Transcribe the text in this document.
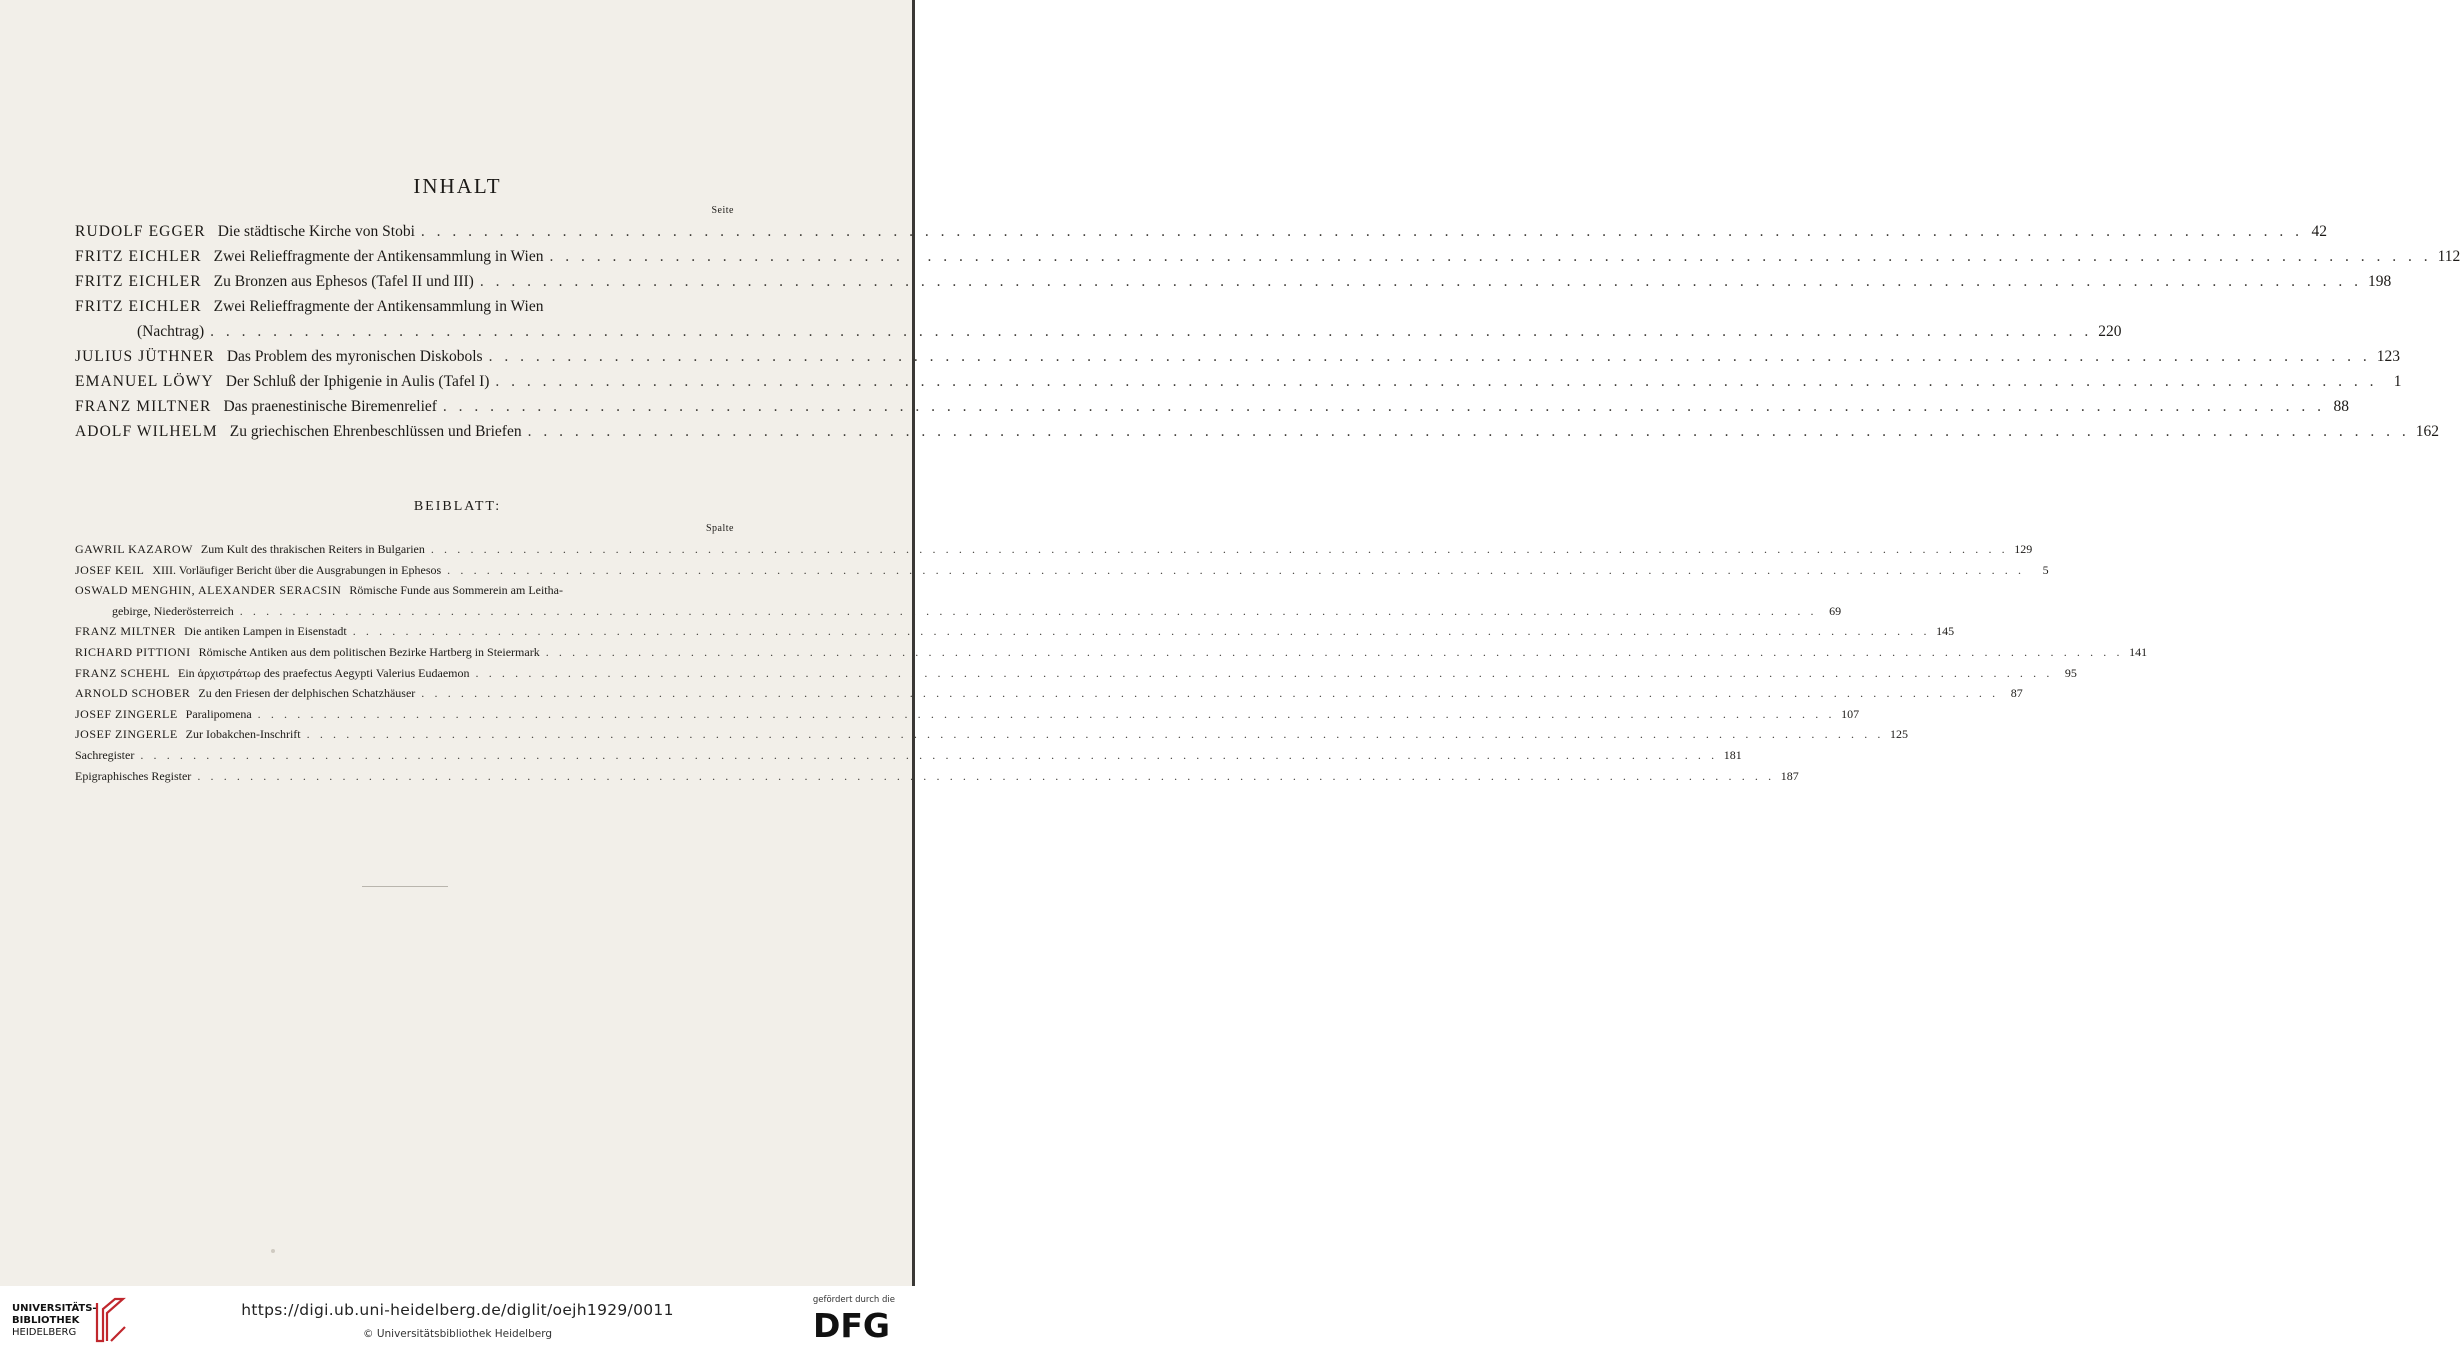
INHALT
Seite
RUDOLF EGGER Die städtische Kirche von Stobi . . . . . . . . . . . . . . . . . . . . . . . . . . . . . . . . . . . . . . . . . . . . . . . . . . . . . . . . . . . . . . . . . . . . . . . . . . . . . . . . . . . . . . . . . . . . . . . . . . . . . . . . . . . . . . . . . . . . . . . . 42
FRITZ EICHLER Zwei Relieffragmente der Antikensammlung in Wien . . . . . . . . . . . . . . . . . . . . . . . . . . . . . . . . . . . . . . . . . . . . . . . . . . . . . . . . . . . . . . . . . . . . . . . . . . . . . . . . . . . . . . . . . . . . . . . . . . . . . . . . . . . . . . . . . . . . . . . . 112
FRITZ EICHLER Zu Bronzen aus Ephesos (Tafel II und III) . . . . . . . . . . . . . . . . . . . . . . . . . . . . . . . . . . . . . . . . . . . . . . . . . . . . . . . . . . . . . . . . . . . . . . . . . . . . . . . . . . . . . . . . . . . . . . . . . . . . . . . . . . . . . . . . . . . . . . . . 198
FRITZ EICHLER Zwei Relieffragmente der Antikensammlung in Wien
(Nachtrag) . . . . . . . . . . . . . . . . . . . . . . . . . . . . . . . . . . . . . . . . . . . . . . . . . . . . . . . . . . . . . . . . . . . . . . . . . . . . . . . . . . . . . . . . . . . . . . . . . . . . . . . . . . . . . . . . . . . . . . . . 220
JULIUS JÜTHNER Das Problem des myronischen Diskobols . . . . . . . . . . . . . . . . . . . . . . . . . . . . . . . . . . . . . . . . . . . . . . . . . . . . . . . . . . . . . . . . . . . . . . . . . . . . . . . . . . . . . . . . . . . . . . . . . . . . . . . . . . . . . . . . . . . . . . . . 123
EMANUEL LÖWY Der Schluß der Iphigenie in Aulis (Tafel I) . . . . . . . . . . . . . . . . . . . . . . . . . . . . . . . . . . . . . . . . . . . . . . . . . . . . . . . . . . . . . . . . . . . . . . . . . . . . . . . . . . . . . . . . . . . . . . . . . . . . . . . . . . . . . . . . . . . . . . . .	1
FRANZ MILTNER Das praenestinische Biremenrelief . . . . . . . . . . . . . . . . . . . . . . . . . . . . . . . . . . . . . . . . . . . . . . . . . . . . . . . . . . . . . . . . . . . . . . . . . . . . . . . . . . . . . . . . . . . . . . . . . . . . . . . . . . . . . . . . . . . . . . . . 88
ADOLF WILHELM Zu griechischen Ehrenbeschlüssen und Briefen . . . . . . . . . . . . . . . . . . . . . . . . . . . . . . . . . . . . . . . . . . . . . . . . . . . . . . . . . . . . . . . . . . . . . . . . . . . . . . . . . . . . . . . . . . . . . . . . . . . . . . . . . . . . . . . . . . . . . . . . 162
BEIBLATT:
Spalte
GAWRIL KAZAROW Zum Kult des thrakischen Reiters in Bulgarien . . . . . . . . . . . . . . . . . . . . . . . . . . . . . . . . . . . . . . . . . . . . . . . . . . . . . . . . . . . . . . . . . . . . . . . . . . . . . . . . . . . . . . . . . . . . . . . . . . . . . . . . . . . . . . . . . . . . . . . . 129
JOSEF KEIL XIII. Vorläufiger Bericht über die Ausgrabungen in Ephesos . . . . . . . . . . . . . . . . . . . . . . . . . . . . . . . . . . . . . . . . . . . . . . . . . . . . . . . . . . . . . . . . . . . . . . . . . . . . . . . . . . . . . . . . . . . . . . . . . . . . . . . . . . . . . . . . . . . . . . . .	5
OSWALD MENGHIN, ALEXANDER SERACSIN Römische Funde aus Sommerein am Leitha-
gebirge, Niederösterreich . . . . . . . . . . . . . . . . . . . . . . . . . . . . . . . . . . . . . . . . . . . . . . . . . . . . . . . . . . . . . . . . . . . . . . . . . . . . . . . . . . . . . . . . . . . . . . . . . . . . . . . . . . . . . . . . . . . . . . . .	69
FRANZ MILTNER Die antiken Lampen in Eisenstadt . . . . . . . . . . . . . . . . . . . . . . . . . . . . . . . . . . . . . . . . . . . . . . . . . . . . . . . . . . . . . . . . . . . . . . . . . . . . . . . . . . . . . . . . . . . . . . . . . . . . . . . . . . . . . . . . . . . . . . . . 145
RICHARD PITTIONI Römische Antiken aus dem politischen Bezirke Hartberg in Steiermark . . . . . . . . . . . . . . . . . . . . . . . . . . . . . . . . . . . . . . . . . . . . . . . . . . . . . . . . . . . . . . . . . . . . . . . . . . . . . . . . . . . . . . . . . . . . . . . . . . . . . . . . . . . . . . . . . . . . . . . . 141
FRANZ SCHEHL Ein ἀρχιστράτωρ des praefectus Aegypti Valerius Eudaemon . . . . . . . . . . . . . . . . . . . . . . . . . . . . . . . . . . . . . . . . . . . . . . . . . . . . . . . . . . . . . . . . . . . . . . . . . . . . . . . . . . . . . . . . . . . . . . . . . . . . . . . . . . . . . . . . . . . . . . . .	95
ARNOLD SCHOBER Zu den Friesen der delphischen Schatzhäuser . . . . . . . . . . . . . . . . . . . . . . . . . . . . . . . . . . . . . . . . . . . . . . . . . . . . . . . . . . . . . . . . . . . . . . . . . . . . . . . . . . . . . . . . . . . . . . . . . . . . . . . . . . . . . . . . . . . . . . . .	87
JOSEF ZINGERLE Paralipomena . . . . . . . . . . . . . . . . . . . . . . . . . . . . . . . . . . . . . . . . . . . . . . . . . . . . . . . . . . . . . . . . . . . . . . . . . . . . . . . . . . . . . . . . . . . . . . . . . . . . . . . . . . . . . . . . . . . . . . . . 107
JOSEF ZINGERLE Zur Iobakchen-Inschrift . . . . . . . . . . . . . . . . . . . . . . . . . . . . . . . . . . . . . . . . . . . . . . . . . . . . . . . . . . . . . . . . . . . . . . . . . . . . . . . . . . . . . . . . . . . . . . . . . . . . . . . . . . . . . . . . . . . . . . . . 125
Sachregister . . . . . . . . . . . . . . . . . . . . . . . . . . . . . . . . . . . . . . . . . . . . . . . . . . . . . . . . . . . . . . . . . . . . . . . . . . . . . . . . . . . . . . . . . . . . . . . . . . . . . . . . . . . . . . . . . . . . . . . . 181
Epigraphisches Register . . . . . . . . . . . . . . . . . . . . . . . . . . . . . . . . . . . . . . . . . . . . . . . . . . . . . . . . . . . . . . . . . . . . . . . . . . . . . . . . . . . . . . . . . . . . . . . . . . . . . . . . . . . . . . . . . . . . . . . . 187
UNIVERSITÄTS-
BIBLIOTHEK
HEIDELBERG
https://digi.ub.uni-heidelberg.de/diglit/oejh1929/0011
© Universitätsbibliothek Heidelberg
gefördert durch die
DFG
